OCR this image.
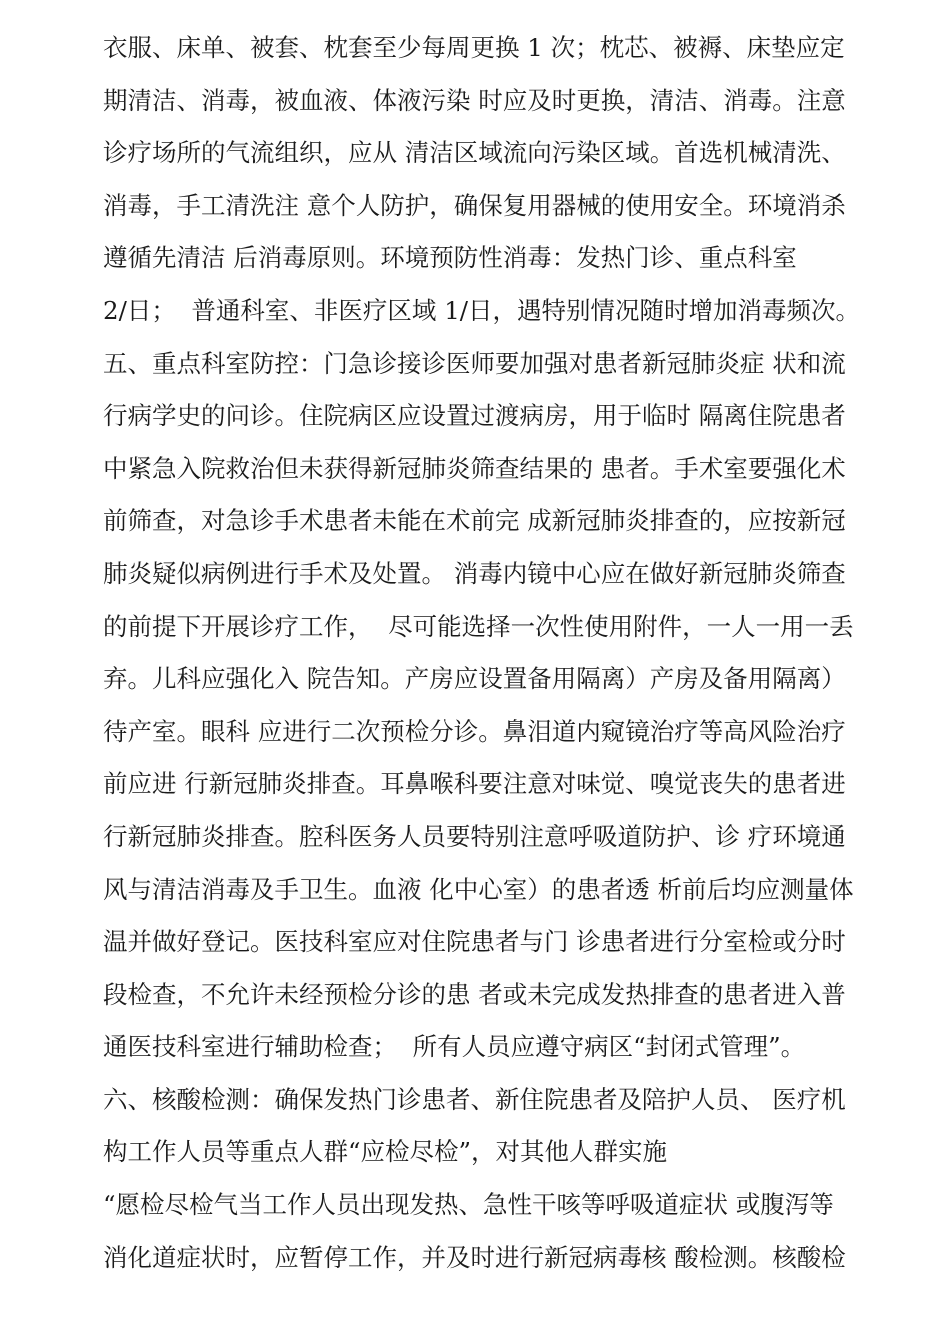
衣服、床单、被套、枕套至少每周更换 1 次；枕芯、被褥、床垫应定
期清洁、消毒，被血液、体液污染 时应及时更换，清洁、消毒。注意
诊疗场所的气流组织，应从 清洁区域流向污染区域。首选机械清洗、
消毒，手工清洗注 意个人防护，确保复用器械的使用安全。环境消杀
遵循先清洁 后消毒原则。环境预防性消毒：发热门诊、重点科室
2/日；  普通科室、非医疗区域 1/日，遇特别情况随时增加消毒频次。
五、重点科室防控：门急诊接诊医师要加强对患者新冠肺炎症 状和流
行病学史的问诊。住院病区应设置过渡病房，用于临时 隔离住院患者
中紧急入院救治但未获得新冠肺炎筛查结果的 患者。手术室要强化术
前筛查，对急诊手术患者未能在术前完 成新冠肺炎排查的，应按新冠
肺炎疑似病例进行手术及处置。 消毒内镜中心应在做好新冠肺炎筛查
的前提下开展诊疗工作，  尽可能选择一次性使用附件，一人一用一丢
弃。儿科应强化入 院告知。产房应设置备用隔离）产房及备用隔离）
待产室。眼科 应进行二次预检分诊。鼻泪道内窥镜治疗等高风险治疗
前应进 行新冠肺炎排查。耳鼻喉科要注意对味觉、嗅觉丧失的患者进
行新冠肺炎排查。腔科医务人员要特别注意呼吸道防护、诊 疗环境通
风与清洁消毒及手卫生。血液 化中心室）的患者透 析前后均应测量体
温并做好登记。医技科室应对住院患者与门 诊患者进行分室检或分时
段检查，不允许未经预检分诊的患 者或未完成发热排查的患者进入普
通医技科室进行辅助检查；  所有人员应遵守病区“封闭式管理”。
六、核酸检测：确保发热门诊患者、新住院患者及陪护人员、 医疗机
构工作人员等重点人群“应检尽检”，对其他人群实施
“愿检尽检气当工作人员出现发热、急性干咳等呼吸道症状 或腹泻等
消化道症状时，应暂停工作，并及时进行新冠病毒核 酸检测。核酸检
